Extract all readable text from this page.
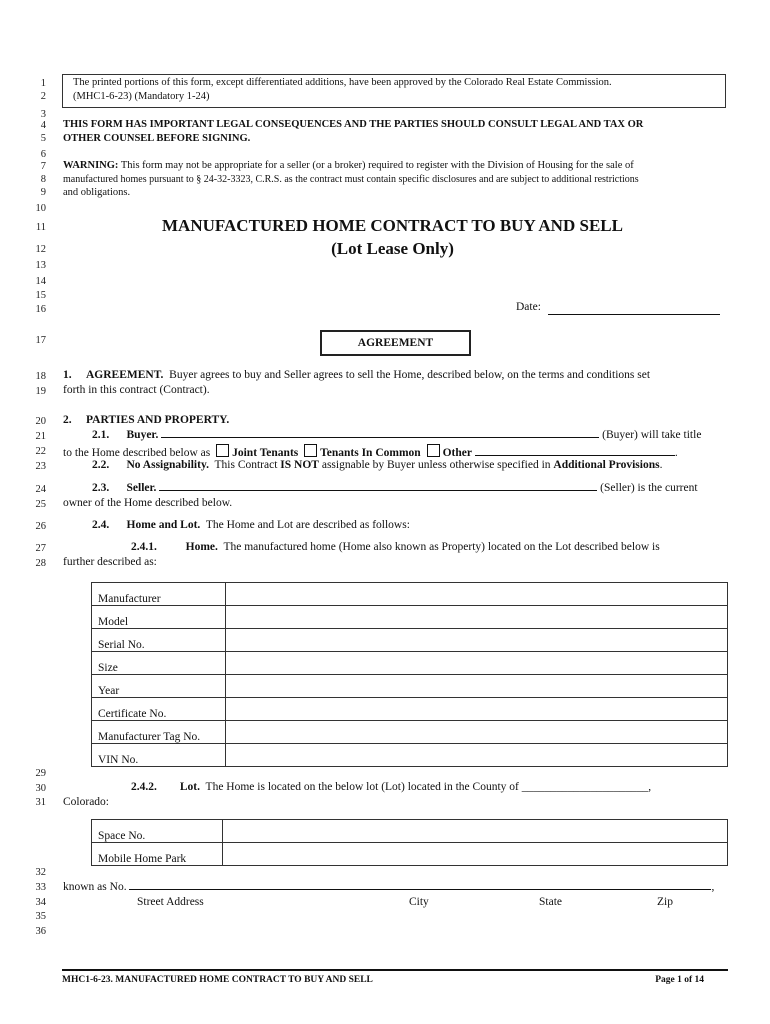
1
2
3
4
5
6
7
8
9
10
11
12
13
14
15
16
17
18
19
20
21
22
23
24
25
26
27
28
29
30
31
32
33
34
35
36
The printed portions of this form, except differentiated additions, have been approved by the Colorado Real Estate Commission.
(MHC1-6-23) (Mandatory 1-24)
THIS FORM HAS IMPORTANT LEGAL CONSEQUENCES AND THE PARTIES SHOULD CONSULT LEGAL AND TAX OR
OTHER COUNSEL BEFORE SIGNING.
WARNING: This form may not be appropriate for a seller (or a broker) required to register with the Division of Housing for the sale of
manufactured homes pursuant to § 24-32-3323, C.R.S. as the contract must contain specific disclosures and are subject to additional restrictions
and obligations.
MANUFACTURED HOME CONTRACT TO BUY AND SELL
(Lot Lease Only)
Date:
AGREEMENT
1. AGREEMENT. Buyer agrees to buy and Seller agrees to sell the Home, described below, on the terms and conditions set
forth in this contract (Contract).
2. PARTIES AND PROPERTY.
2.1. Buyer.	(Buyer) will take title
to the Home described below as Joint Tenants Tenants In Common Other	.
2.2. No Assignability. This Contract IS NOT assignable by Buyer unless otherwise specified in Additional Provisions.
2.3. Seller.	(Seller) is the current
owner of the Home described below.
2.4. Home and Lot. The Home and Lot are described as follows:
2.4.1.	Home. The manufactured home (Home also known as Property) located on the Lot described below is
further described as:
Manufacturer	
Model	
Serial No.	
Size	
Year	
Certificate No.	
Manufacturer Tag No.	
VIN No.	
2.4.2. Lot. The Home is located on the below lot (Lot) located in the County of ______________________,
Colorado:
Space No.	
Mobile Home Park	
known as No.	,
Street Address	City	State	Zip
MHC1-6-23. MANUFACTURED HOME CONTRACT TO BUY AND SELL	Page 1 of 14
